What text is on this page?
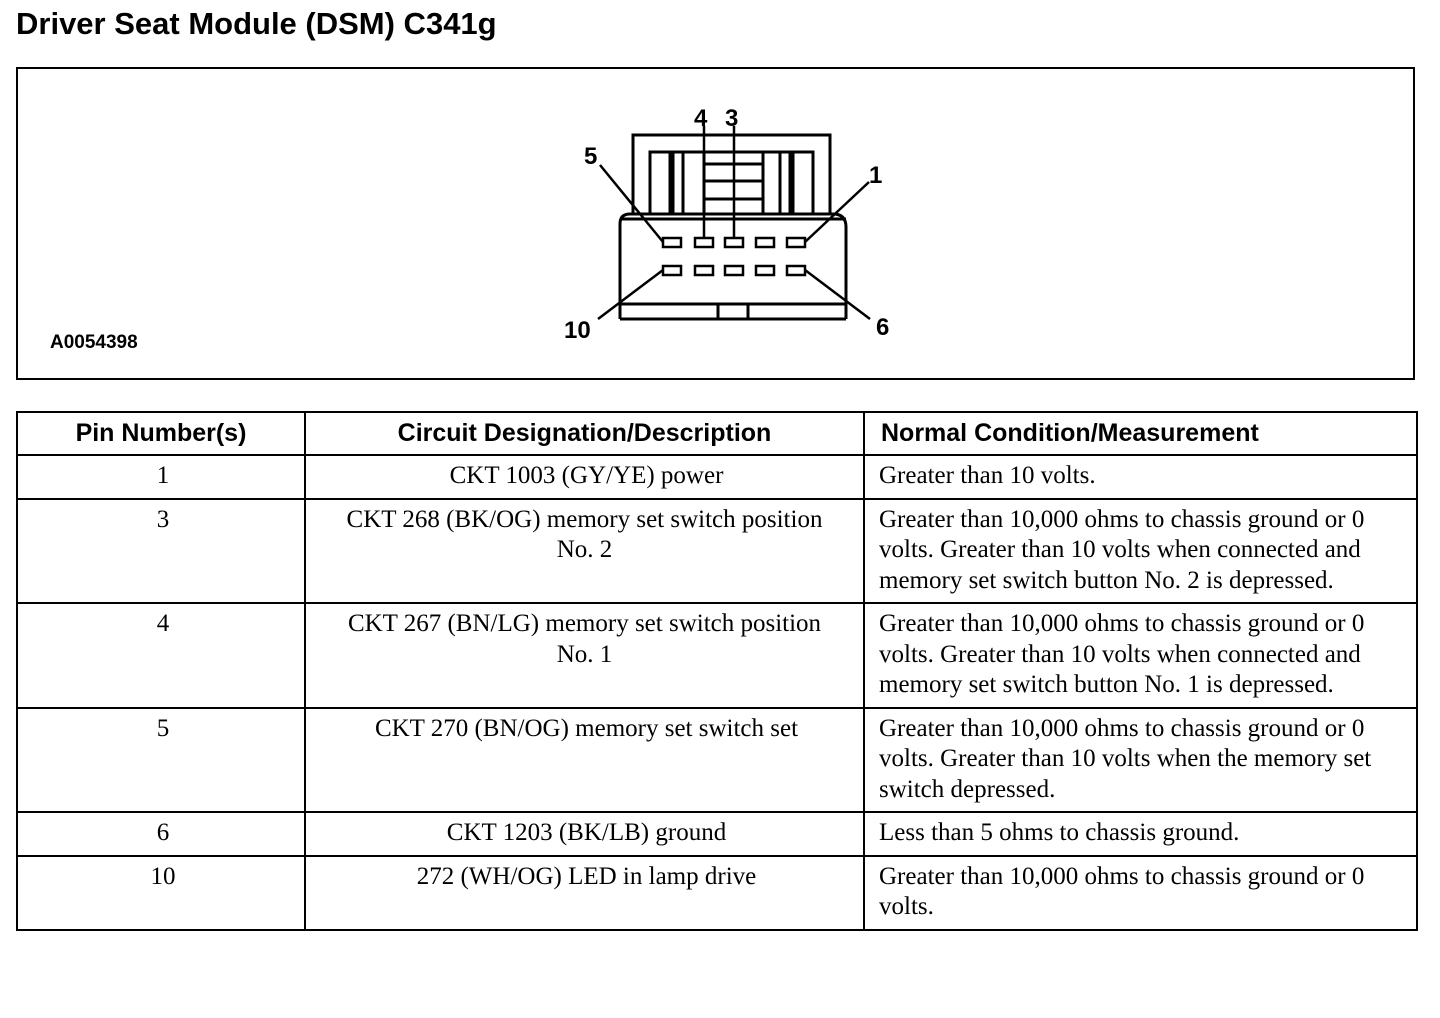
Driver Seat Module (DSM) C341g
A0054398
5
4 3
1
10	6
Pin Number(s)	Circuit Designation/Description	Normal Condition/Measurement
1	CKT 1003 (GY/YE) power	Greater than 10 volts.
3	CKT 268 (BK/OG) memory set switch position No. 2	Greater than 10,000 ohms to chassis ground or 0 volts. Greater than 10 volts when connected and memory set switch button No. 2 is depressed.
4	CKT 267 (BN/LG) memory set switch position No. 1	Greater than 10,000 ohms to chassis ground or 0 volts. Greater than 10 volts when connected and memory set switch button No. 1 is depressed.
5	CKT 270 (BN/OG) memory set switch set	Greater than 10,000 ohms to chassis ground or 0 volts. Greater than 10 volts when the memory set switch depressed.
6	CKT 1203 (BK/LB) ground	Less than 5 ohms to chassis ground.
10	272 (WH/OG) LED in lamp drive	Greater than 10,000 ohms to chassis ground or 0 volts.
